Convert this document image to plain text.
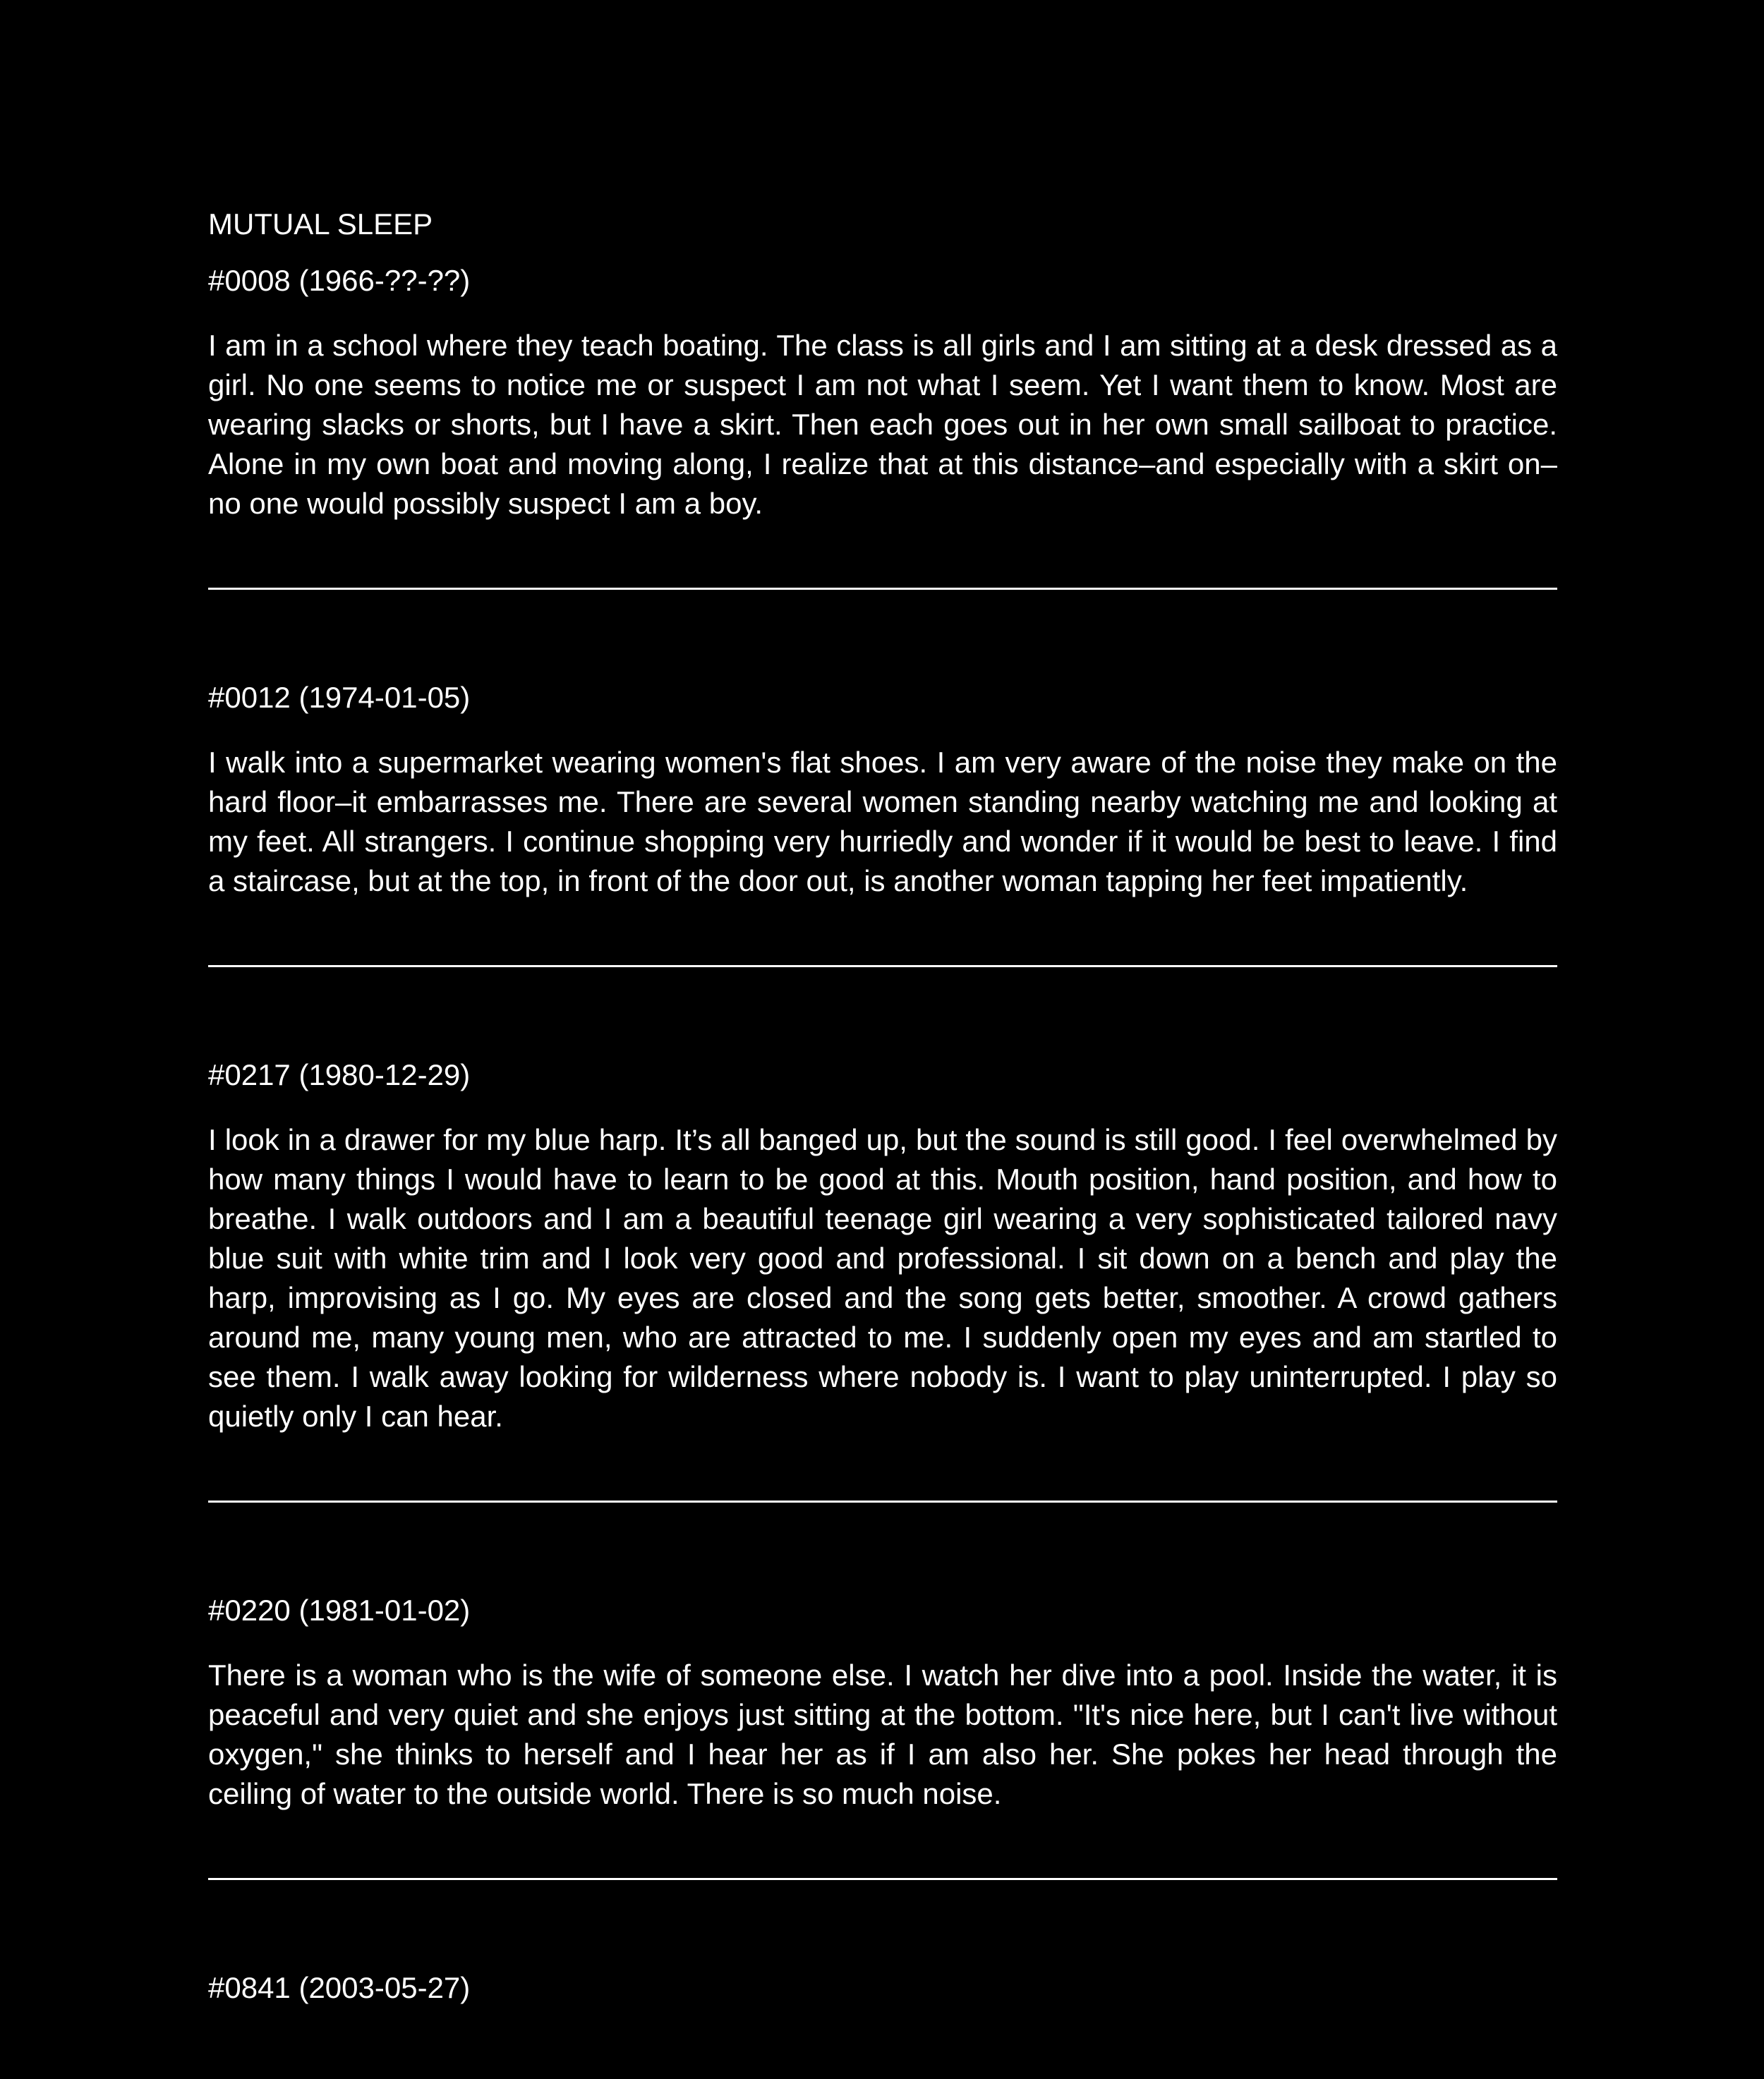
MUTUAL SLEEP

#0008 (1966-??-??)

I am in a school where they teach boating. The class is all girls and I am sitting at a desk dressed as a girl. No one seems to notice me or suspect I am not what I seem. Yet I want them to know. Most are wearing slacks or shorts, but I have a skirt. Then each goes out in her own small sailboat to practice. Alone in my own boat and moving along, I realize that at this distance–and especially with a skirt on–no one would possibly suspect I am a boy.

#0012 (1974-01-05)

I walk into a supermarket wearing women's flat shoes. I am very aware of the noise they make on the hard floor–it embarrasses me. There are several women standing nearby watching me and looking at my feet. All strangers. I continue shopping very hurriedly and wonder if it would be best to leave. I find a staircase, but at the top, in front of the door out, is another woman tapping her feet impatiently.

#0217 (1980-12-29)

I look in a drawer for my blue harp. It’s all banged up, but the sound is still good. I feel overwhelmed by how many things I would have to learn to be good at this. Mouth position, hand position, and how to breathe. I walk outdoors and I am a beautiful teenage girl wearing a very sophisticated tailored navy blue suit with white trim and I look very good and professional. I sit down on a bench and play the harp, improvising as I go. My eyes are closed and the song gets better, smoother. A crowd gathers around me, many young men, who are attracted to me. I suddenly open my eyes and am startled to see them. I walk away looking for wilderness where nobody is. I want to play uninterrupted. I play so quietly only I can hear.

#0220 (1981-01-02)

There is a woman who is the wife of someone else. I watch her dive into a pool. Inside the water, it is peaceful and very quiet and she enjoys just sitting at the bottom. "It's nice here, but I can't live without oxygen," she thinks to herself and I hear her as if I am also her. She pokes her head through the ceiling of water to the outside world. There is so much noise.

#0841 (2003-05-27)
